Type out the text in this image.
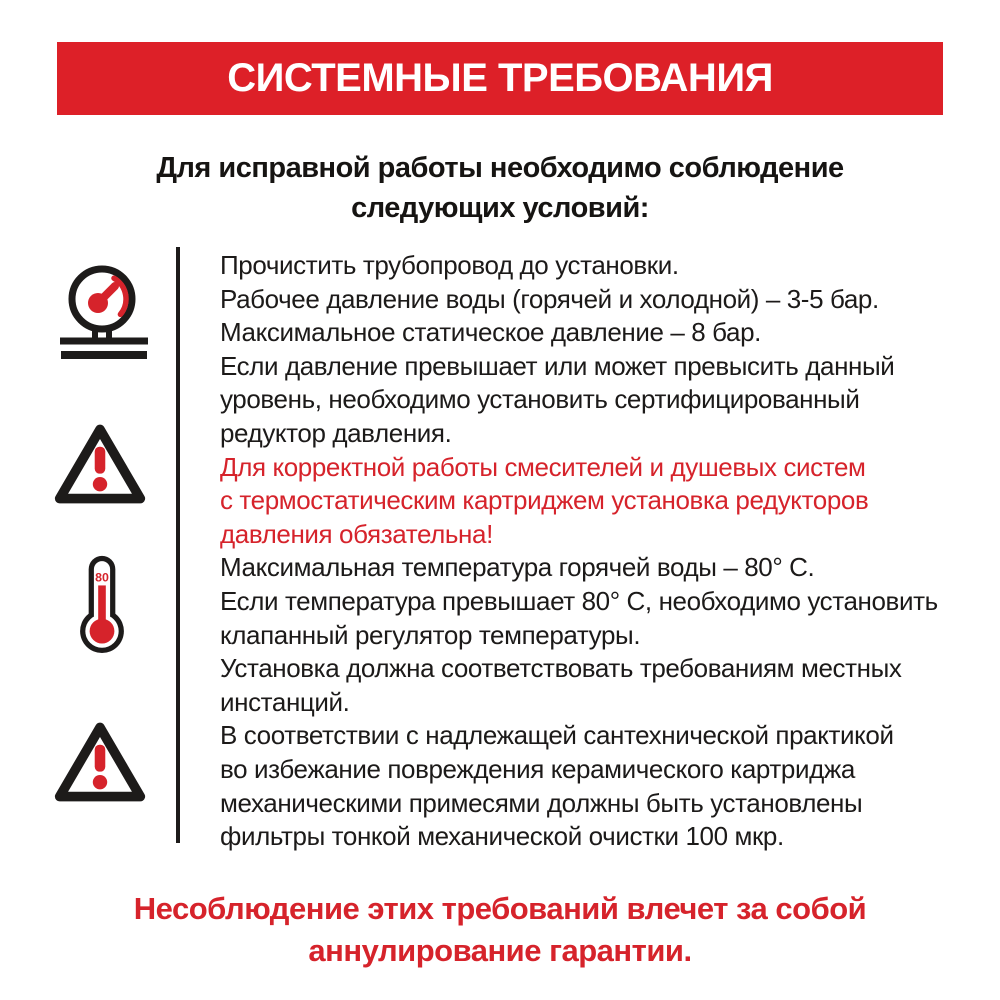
СИСТЕМНЫЕ ТРЕБОВАНИЯ
Для исправной работы необходимо соблюдение
следующих условий:
80
Прочистить трубопровод до установки.
Рабочее давление воды (горячей и холодной) – 3-5 бар.
Максимальное статическое давление – 8 бар.
Если давление превышает или может превысить данный
уровень, необходимо установить сертифицированный
редуктор давления.
Для корректной работы смесителей и душевых систем
с термостатическим картриджем установка редукторов
давления обязательна!
Максимальная температура горячей воды – 80° С.
Если температура превышает 80° С, необходимо установить
клапанный регулятор температуры.
Установка должна соответствовать требованиям местных
инстанций.
В соответствии с надлежащей сантехнической практикой
во избежание повреждения керамического картриджа
механическими примесями должны быть установлены
фильтры тонкой механической очистки 100 мкр.
Несоблюдение этих требований влечет за собой
аннулирование гарантии.
